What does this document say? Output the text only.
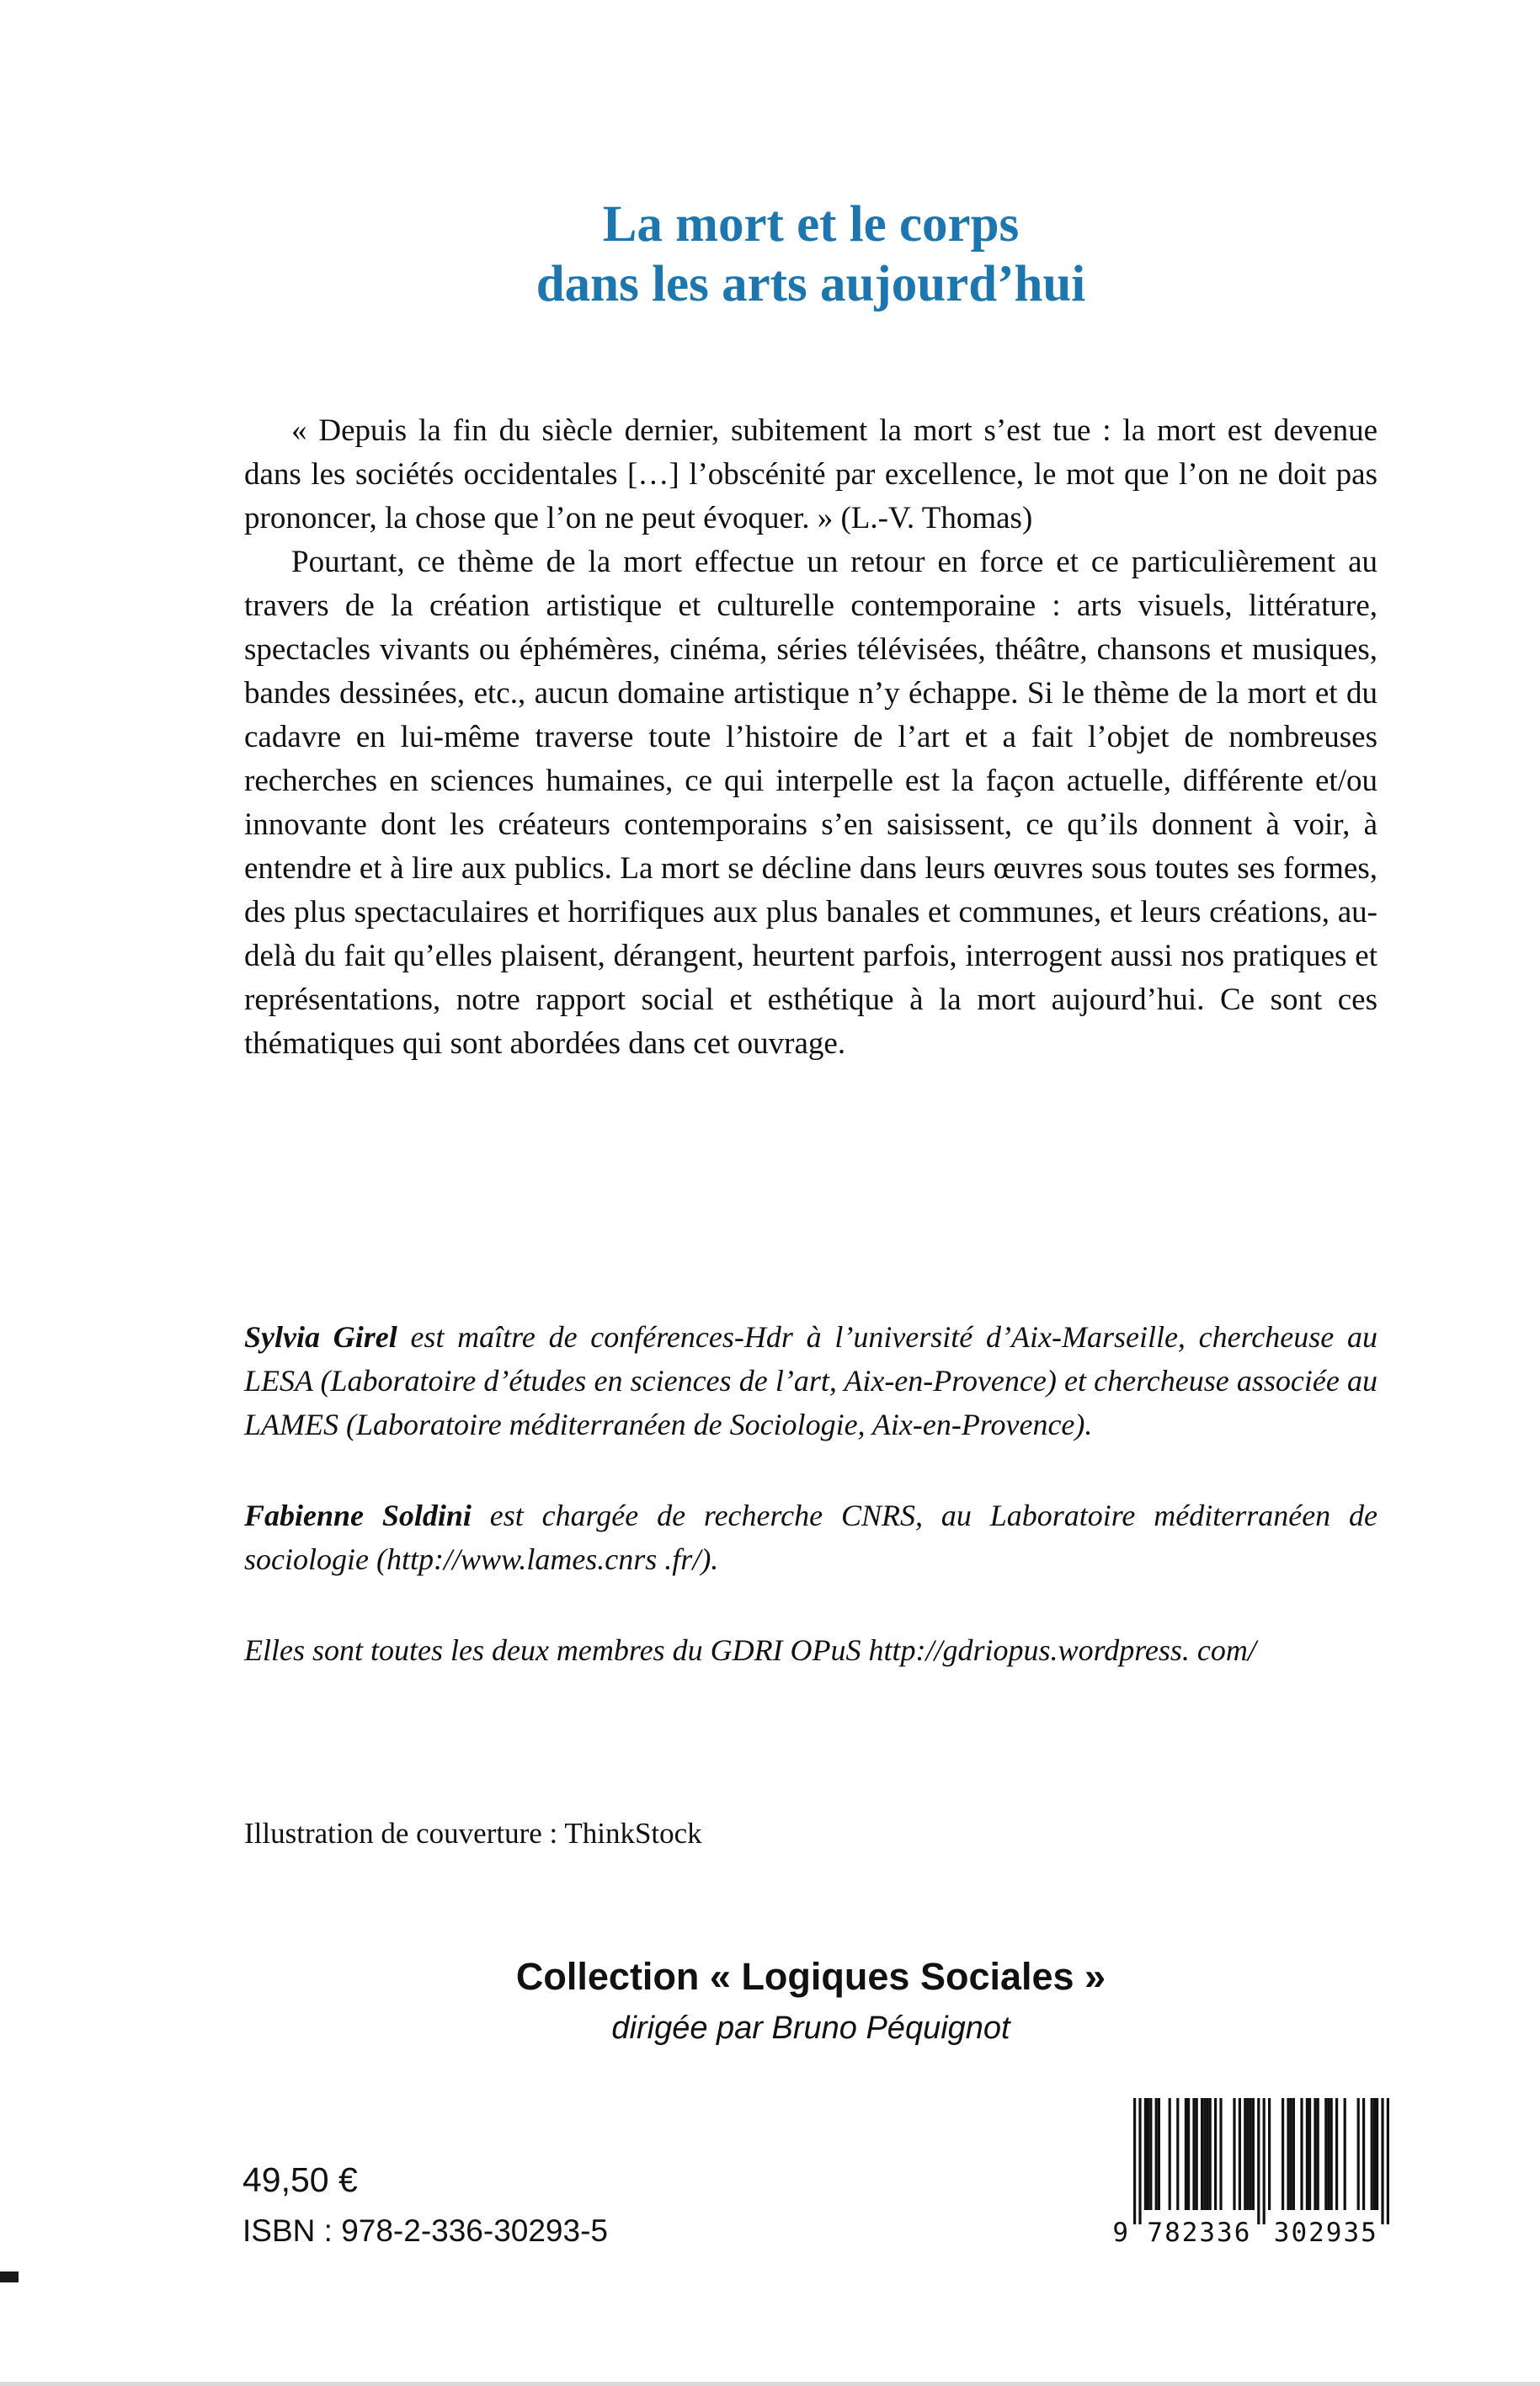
La mort et le corps
dans les arts aujourd’hui

« Depuis la fin du siècle dernier, subitement la mort s’est tue : la mort est devenue dans les sociétés occidentales […] l’obscénité par excellence, le mot que l’on ne doit pas prononcer, la chose que l’on ne peut évoquer. » (L.-V. Thomas)

Pourtant, ce thème de la mort effectue un retour en force et ce particulièrement au travers de la création artistique et culturelle contemporaine : arts visuels, littérature, spectacles vivants ou éphémères, cinéma, séries télévisées, théâtre, chansons et musiques, bandes dessinées, etc., aucun domaine artistique n’y échappe. Si le thème de la mort et du cadavre en lui-même traverse toute l’histoire de l’art et a fait l’objet de nombreuses recherches en sciences humaines, ce qui interpelle est la façon actuelle, différente et/ou innovante dont les créateurs contemporains s’en saisissent, ce qu’ils donnent à voir, à entendre et à lire aux publics. La mort se décline dans leurs œuvres sous toutes ses formes, des plus spectaculaires et horrifiques aux plus banales et communes, et leurs créations, au-delà du fait qu’elles plaisent, dérangent, heurtent parfois, interrogent aussi nos pratiques et représentations, notre rapport social et esthétique à la mort aujourd’hui. Ce sont ces thématiques qui sont abordées dans cet ouvrage.

Sylvia Girel est maître de conférences-Hdr à l’université d’Aix-Marseille, chercheuse au LESA (Laboratoire d’études en sciences de l’art, Aix-en-Provence) et chercheuse associée au LAMES (Laboratoire méditerranéen de Sociologie, Aix-en-Provence).

Fabienne Soldini est chargée de recherche CNRS, au Laboratoire méditerranéen de sociologie (http://www.lames.cnrs .fr/).

Elles sont toutes les deux membres du GDRI OPuS http://gdriopus.wordpress. com/

Illustration de couverture : ThinkStock

Collection « Logiques Sociales »

dirigée par Bruno Péquignot

49,50 €

ISBN : 978-2-336-30293-5	9 782336 302935
